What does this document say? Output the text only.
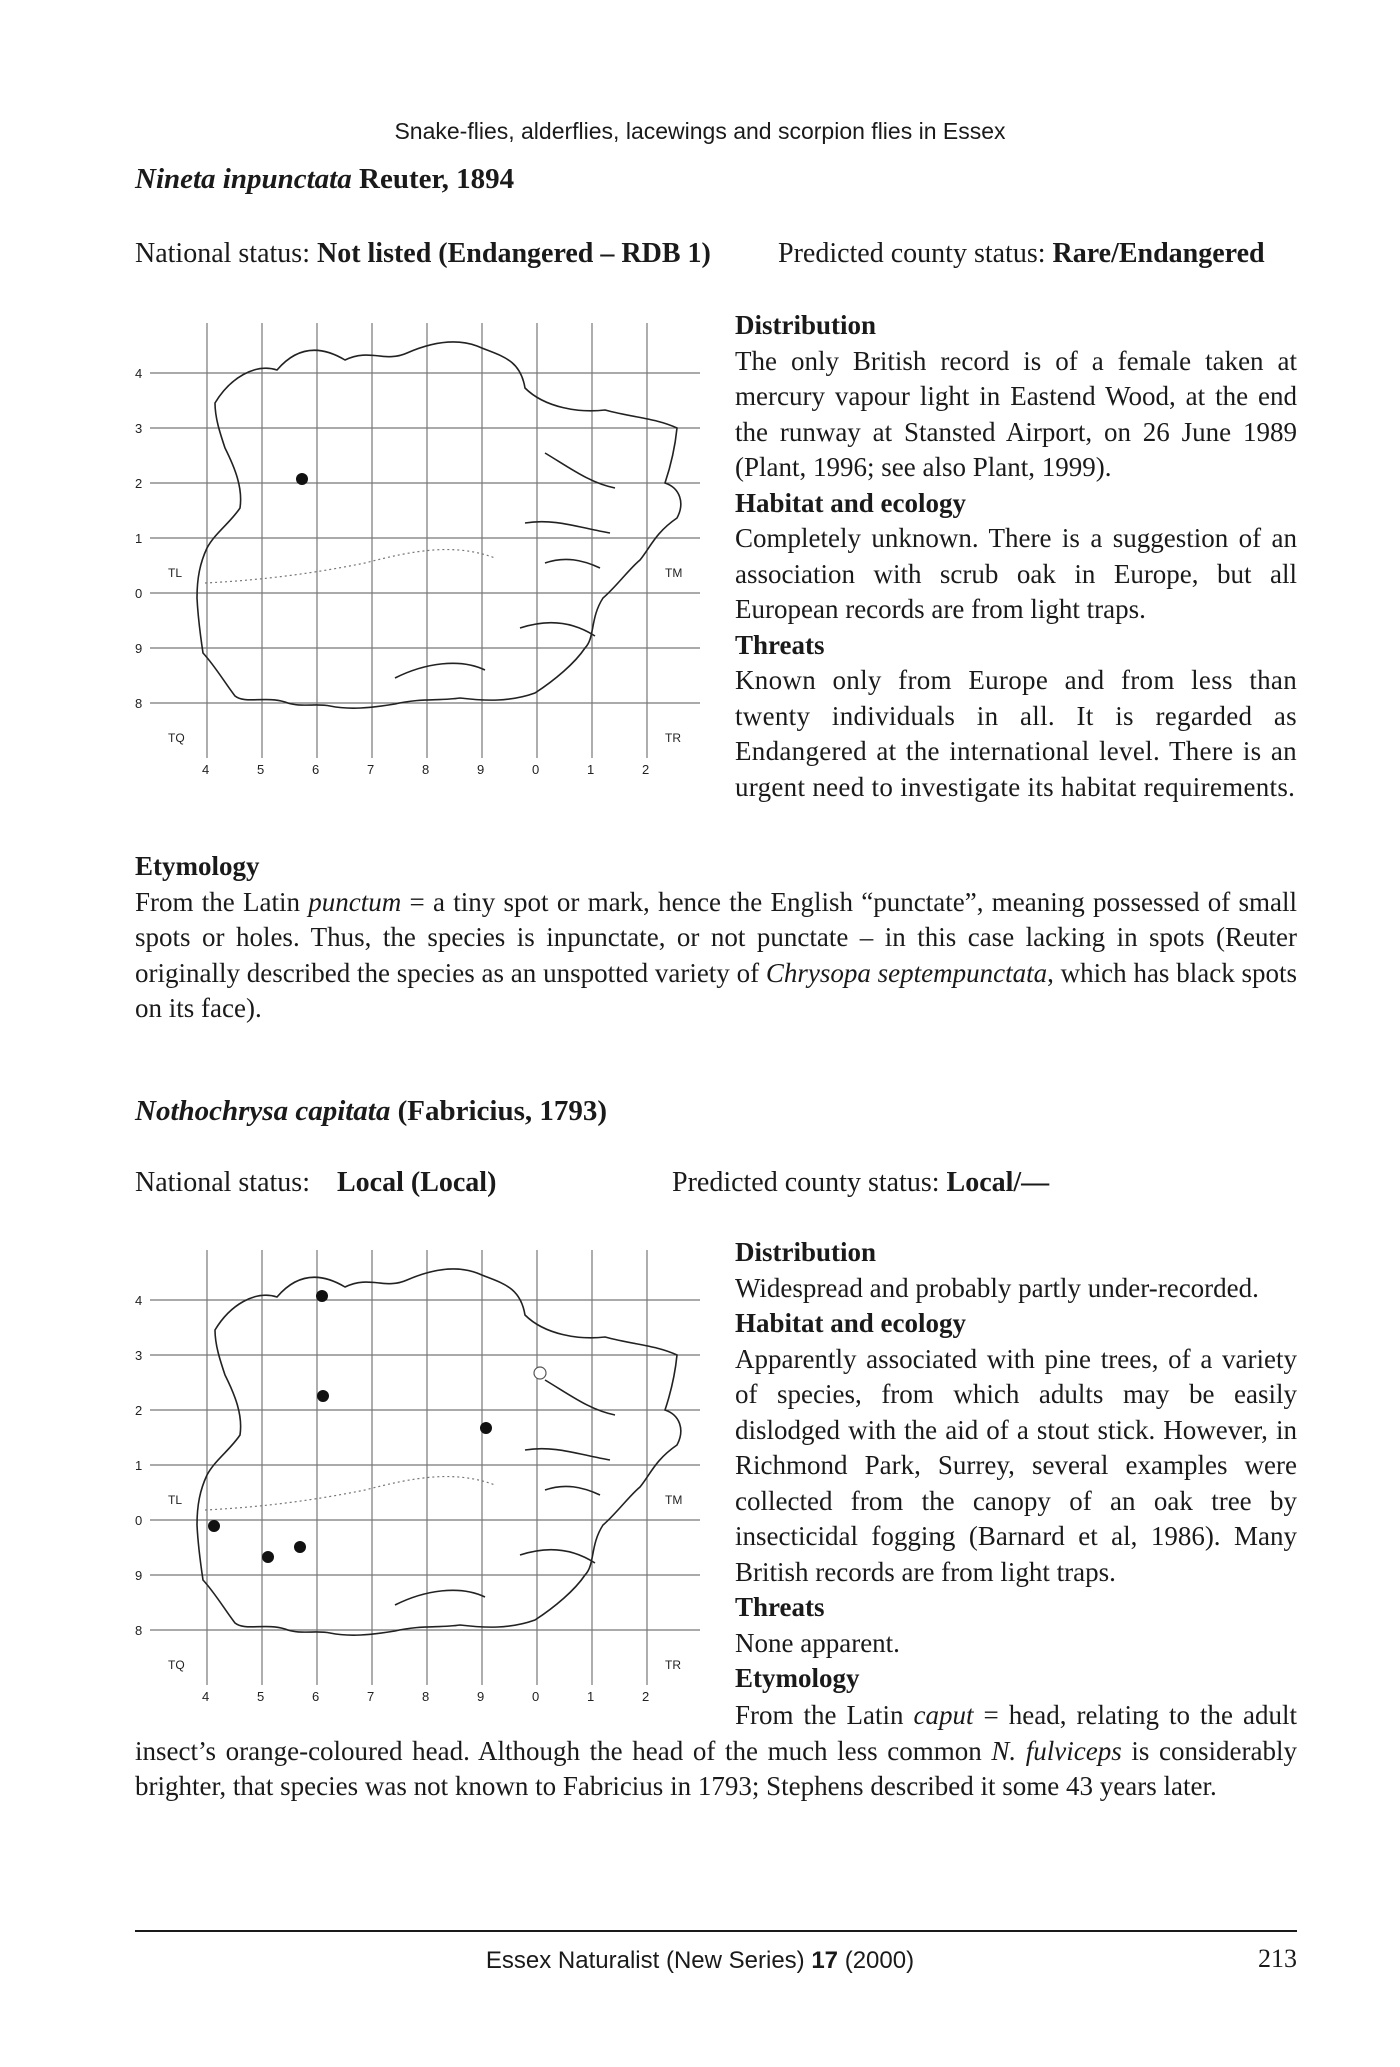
Snake-flies, alderflies, lacewings and scorpion flies in Essex
Nineta inpunctata Reuter, 1894
National status: Not listed (Endangered – RDB 1) Predicted county status: Rare/Endangered
4
3
2
1
0
9
8
4	5	6	7	8	9	0	1	2
TL	TM
TQ	TR
Distribution

The only British record is of a female taken at mercury vapour light in Eastend Wood, at the end the runway at Stansted Airport, on 26 June 1989 (Plant, 1996; see also Plant, 1999).

Habitat and ecology

Completely unknown. There is a suggestion of an association with scrub oak in Europe, but all European records are from light traps.

Threats

Known only from Europe and from less than twenty individuals in all. It is regarded as Endangered at the international level. There is an urgent need to investigate its habitat requirements.

Etymology

From the Latin punctum = a tiny spot or mark, hence the English “punctate”, meaning possessed of small spots or holes. Thus, the species is inpunctate, or not punctate – in this case lacking in spots (Reuter originally described the species as an unspotted variety of Chrysopa septempunctata, which has black spots on its face).

Nothochrysa capitata (Fabricius, 1793)
National status: Local (Local)	Predicted county status: Local/—
4
3
2
1
0
9
8
4	5	6	7	8	9	0	1	2
TL	TM
TQ	TR
Distribution

Widespread and probably partly under-recorded.

Habitat and ecology

Apparently associated with pine trees, of a variety of species, from which adults may be easily dislodged with the aid of a stout stick. However, in Richmond Park, Surrey, several examples were collected from the canopy of an oak tree by insecticidal fogging (Barnard et al, 1986). Many British records are from light traps.

Threats

None apparent.

Etymology

From the Latin caput = head, relating to the adult insect’s orange-coloured head. Although the head of the much less common N. fulviceps is considerably brighter, that species was not known to Fabricius in 1793; Stephens described it some 43 years later.

Essex Naturalist (New Series) 17 (2000)	213
